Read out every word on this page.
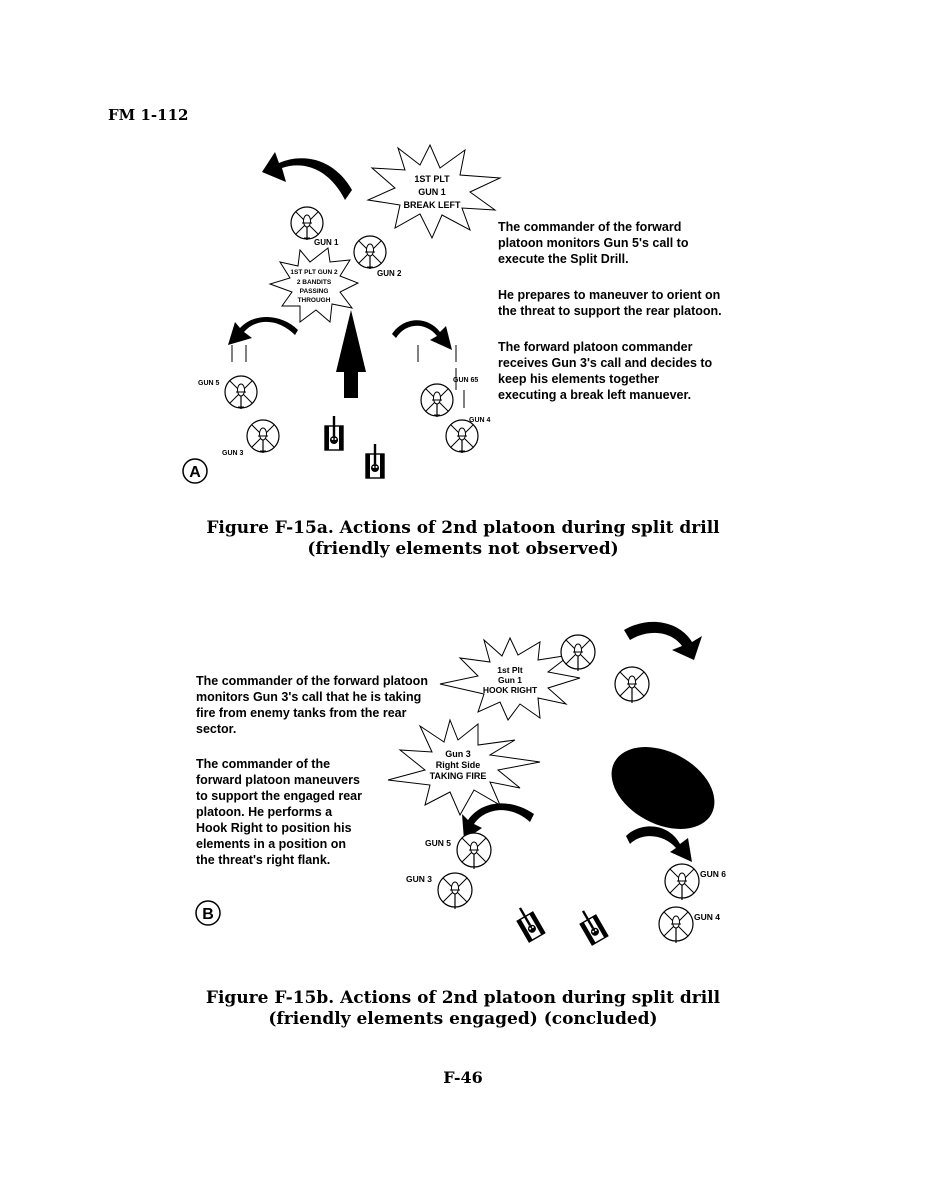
FM 1-112
1ST PLT
GUN 1
BREAK LEFT
GUN 1
GUN 2
1ST PLT GUN 2
2 BANDITS
PASSING
THROUGH
GUN 5	GUN 65
GUN 4
GUN 3
A
The commander of the forward
platoon monitors Gun 5's call to
execute the Split Drill.
He prepares to maneuver to orient on
the threat to support the rear platoon.
The forward platoon commander
receives Gun 3's call and decides to
keep his elements together
executing a break left manuever.
Figure F-15a. Actions of 2nd platoon during split drill
(friendly elements not observed)
1st Plt
Gun 1
HOOK RIGHT
Gun 3
Right Side
TAKING FIRE
GUN 5
GUN 3	GUN 6
GUN 4
B
The commander of the forward platoon
monitors Gun 3's call that he is taking
fire from enemy tanks from the rear
sector.
The commander of the
forward platoon maneuvers
to support the engaged rear
platoon. He performs a
Hook Right to position his
elements in a position on
the threat's right flank.
Figure F-15b. Actions of 2nd platoon during split drill
(friendly elements engaged) (concluded)
F-46
